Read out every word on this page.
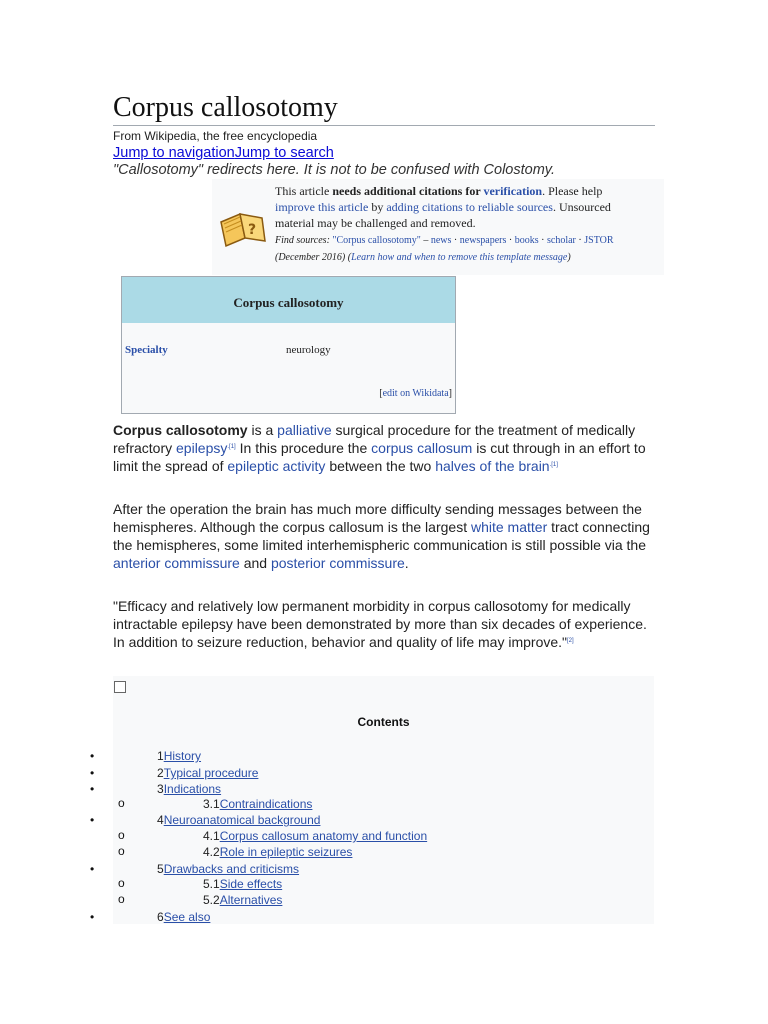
Corpus callosotomy
From Wikipedia, the free encyclopedia
Jump to navigationJump to search
"Callosotomy" redirects here. It is not to be confused with Colostomy.
?
This article needs additional citations for verification. Please help improve this article by adding citations to reliable sources. Unsourced material may be challenged and removed.
Find sources: "Corpus callosotomy" – news · newspapers · books · scholar · JSTOR (December 2016) (Learn how and when to remove this template message)
Corpus callosotomy
Specialty	neurology
[edit on Wikidata]
Corpus callosotomy is a palliative surgical procedure for the treatment of medically refractory epilepsy$^{.[1]}$ In this procedure the corpus callosum is cut through in an effort to limit the spread of epileptic activity between the two halves of the brain$^{.[1]}$
After the operation the brain has much more difficulty sending messages between the hemispheres. Although the corpus callosum is the largest white matter tract connecting the hemispheres, some limited interhemispheric communication is still possible via the anterior commissure and posterior commissure.
"Efficacy and relatively low permanent morbidity in corpus callosotomy for medically intractable epilepsy have been demonstrated by more than six decades of experience. In addition to seizure reduction, behavior and quality of life may improve."[2]
Contents
•	1History
•	2Typical procedure
•	3Indications
o	3.1Contraindications
•	4Neuroanatomical background
o	4.1Corpus callosum anatomy and function
o	4.2Role in epileptic seizures
•	5Drawbacks and criticisms
o	5.1Side effects
o	5.2Alternatives
•	6See also
